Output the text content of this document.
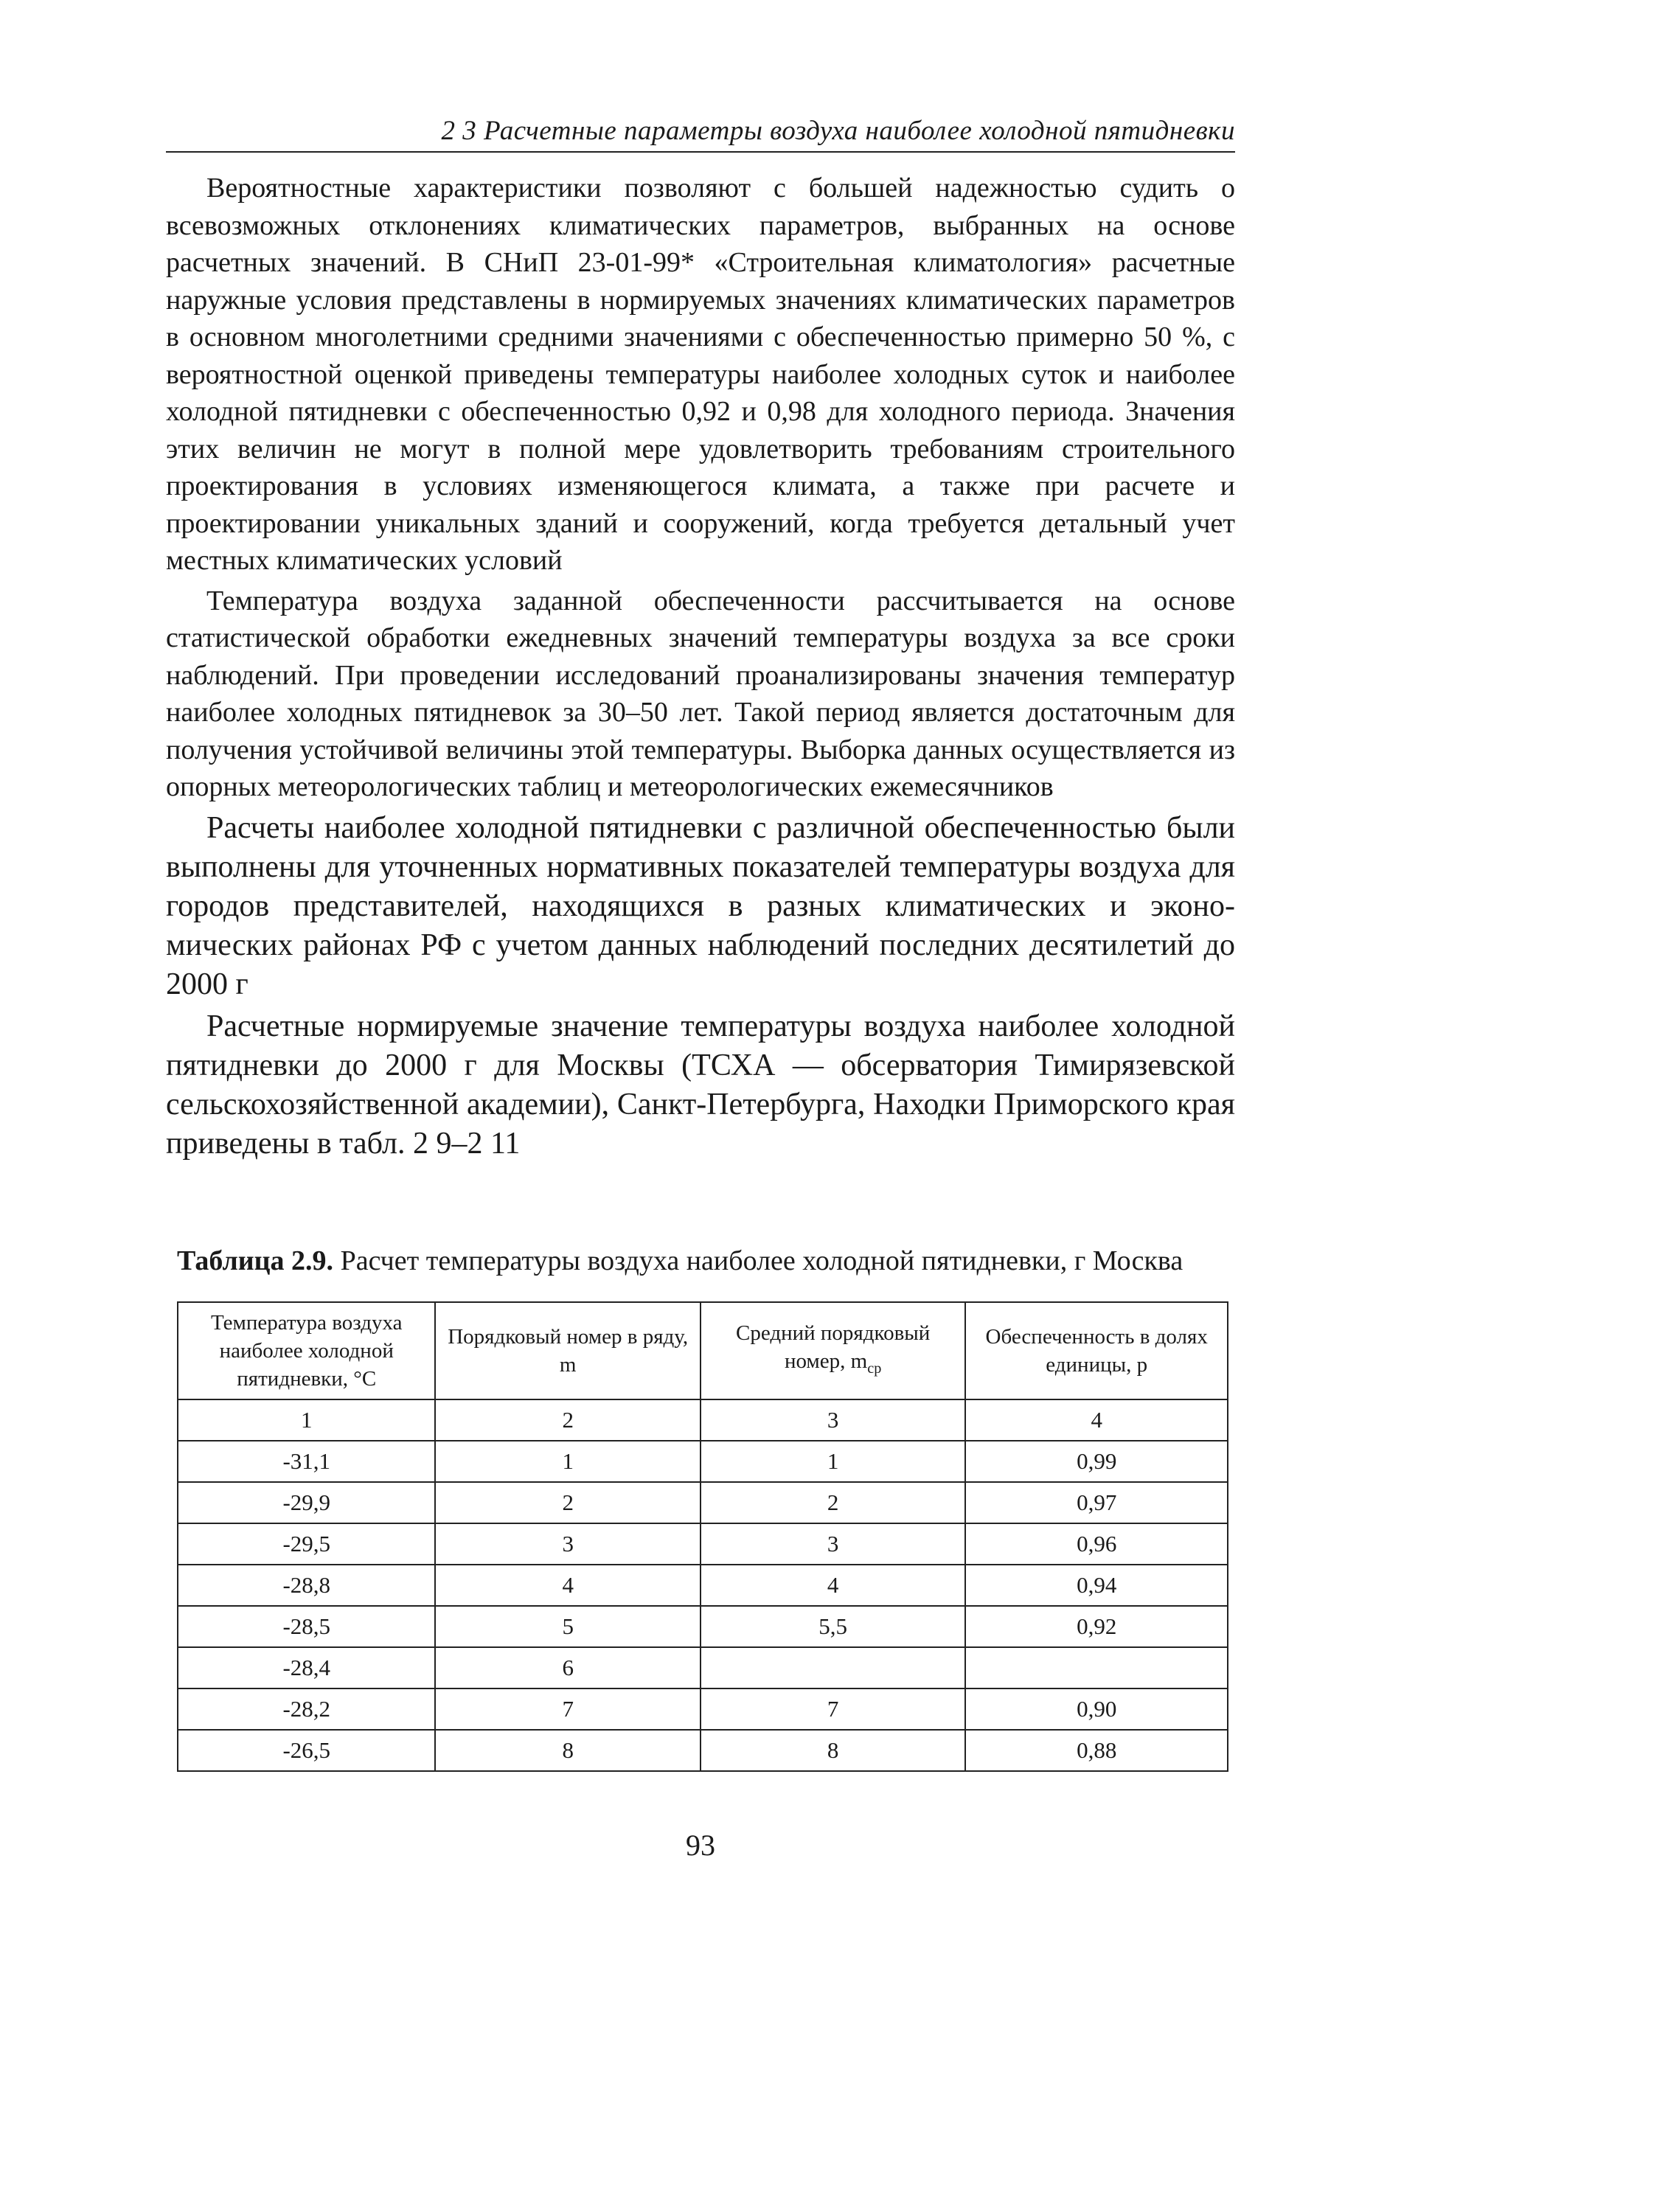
2 3 Расчетные параметры воздуха наиболее холодной пятидневки

Вероятностные характеристики позволяют с большей надежностью судить о всевозможных отклонениях климатических параметров, выбранных на основе расчетных значений. В СНиП 23-01-99* «Строительная климатология» расчетные наружные условия представлены в нормируемых значениях климатических параметров в основном многолетними средними значениями с обеспеченностью примерно 50 %, с вероятностной оценкой приведены температуры наиболее холодных суток и наиболее холодной пятидневки с обеспеченностью 0,92 и 0,98 для холодного периода. Значения этих величин не могут в полной мере удовлетворить требованиям строительного проектирования в условиях изменяющегося климата, а также при расчете и проектировании уникальных зданий и сооружений, когда требуется детальный учет местных климатических условий

Температура воздуха заданной обеспеченности рассчитывается на основе статистической обработки ежедневных значений температуры воздуха за все сроки наблюдений. При проведении исследований проанализированы значения температур наиболее холодных пятидневок за 30–50 лет. Такой период является достаточным для получения устойчивой величины этой температуры. Выборка данных осуществляется из опорных метеорологических таблиц и метеорологических ежемесячников

Расчеты наиболее холодной пятидневки с различной обеспеченностью были выполнены для уточненных нормативных показателей температуры воздуха для городов представителей, находящихся в разных климатических и экономических районах РФ с учетом данных наблюдений последних десятилетий до 2000 г

Расчетные нормируемые значение температуры воздуха наиболее холодной пятидневки до 2000 г для Москвы (ТСХА — обсерватория Тимирязевской сельскохозяйственной академии), Санкт-Петербурга, Находки Приморского края приведены в табл. 2 9–2 11

Таблица 2.9. Расчет температуры воздуха наиболее холодной пятидневки, г Москва
Температура воздуха наиболее холодной пятидневки, °С	Порядковый номер в ряду, m	Средний порядковый номер, $m_{ср}$	Обеспеченность в долях единицы, p
1	2	3	4
-31,1	1	1	0,99
-29,9	2	2	0,97
-29,5	3	3	0,96
-28,8	4	4	0,94
-28,5	5	5,5	0,92
-28,4	6		
-28,2	7	7	0,90
-26,5	8	8	0,88
93
